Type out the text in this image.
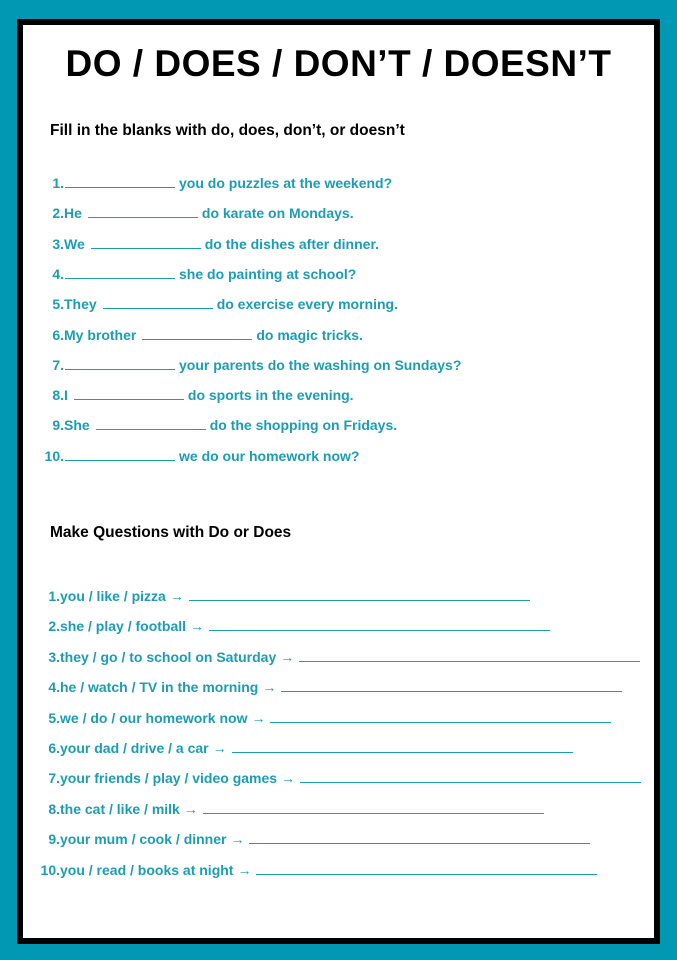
DO / DOES / DON’T / DOESN’T
Fill in the blanks with do, does, don’t, or doesn’t
1.	you do puzzles at the weekend?
2. He	do karate on Mondays.
3. We	do the dishes after dinner.
4.	she do painting at school?
5. They	do exercise every morning.
6. My brother	do magic tricks.
7.	your parents do the washing on Sundays?
8. I	do sports in the evening.
9. She	do the shopping on Fridays.
10.	we do our homework now?
Make Questions with Do or Does
1. you / like / pizza →
2. she / play / football →
3. they / go / to school on Saturday →
4. he / watch / TV in the morning →
5. we / do / our homework now →
6. your dad / drive / a car →
7. your friends / play / video games →
8. the cat / like / milk →
9. your mum / cook / dinner →
10. you / read / books at night →
